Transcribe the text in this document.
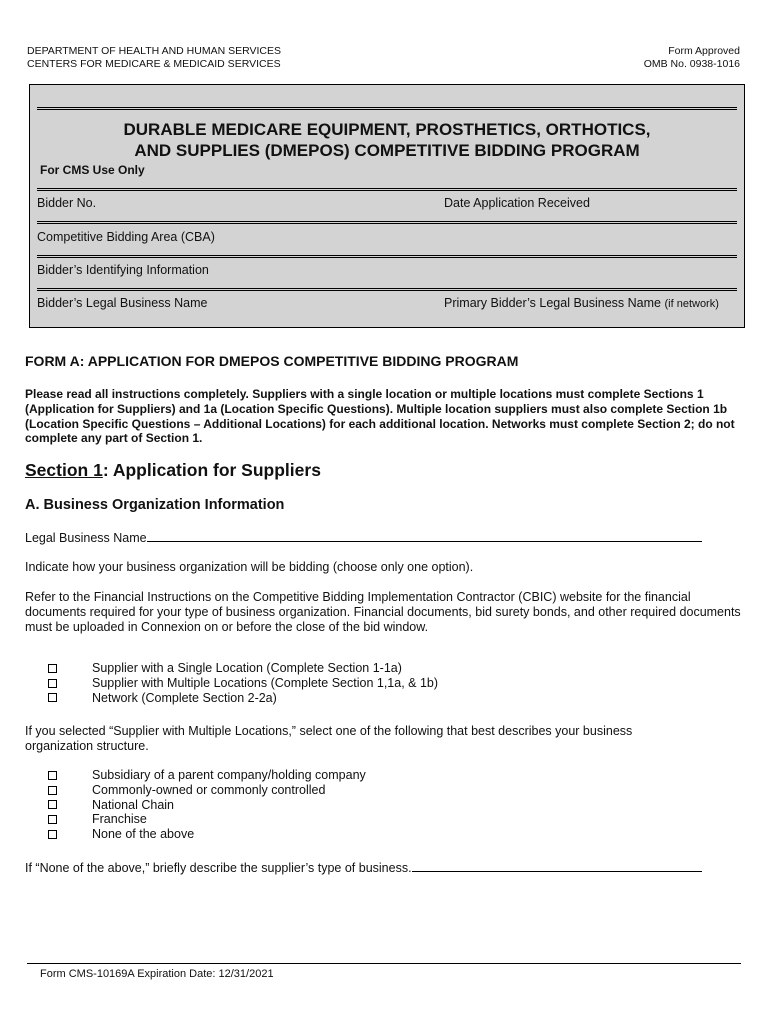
DEPARTMENT OF HEALTH AND HUMAN SERVICES
CENTERS FOR MEDICARE & MEDICAID SERVICES
Form Approved
OMB No. 0938-1016
DURABLE MEDICARE EQUIPMENT, PROSTHETICS, ORTHOTICS,
AND SUPPLIES (DMEPOS) COMPETITIVE BIDDING PROGRAM
For CMS Use Only
Bidder No.	Date Application Received
Competitive Bidding Area (CBA)
Bidder’s Identifying Information
Bidder’s Legal Business Name	Primary Bidder’s Legal Business Name (if network)
FORM A: APPLICATION FOR DMEPOS COMPETITIVE BIDDING PROGRAM
Please read all instructions completely. Suppliers with a single location or multiple locations must complete Sections 1 (Application for Suppliers) and 1a (Location Specific Questions). Multiple location suppliers must also complete Section 1b (Location Specific Questions – Additional Locations) for each additional location. Networks must complete Section 2; do not complete any part of Section 1.
Section 1: Application for Suppliers
A. Business Organization Information
Legal Business Name
Indicate how your business organization will be bidding (choose only one option).
Refer to the Financial Instructions on the Competitive Bidding Implementation Contractor (CBIC) website for the financial documents required for your type of business organization. Financial documents, bid surety bonds, and other required documents must be uploaded in Connexion on or before the close of the bid window.
Supplier with a Single Location (Complete Section 1-1a)
Supplier with Multiple Locations (Complete Section 1,1a, & 1b)
Network (Complete Section 2-2a)
If you selected “Supplier with Multiple Locations,” select one of the following that best describes your business organization structure.
Subsidiary of a parent company/holding company
Commonly-owned or commonly controlled
National Chain
Franchise
None of the above
If “None of the above,” briefly describe the supplier’s type of business.
Form CMS-10169A Expiration Date: 12/31/2021
